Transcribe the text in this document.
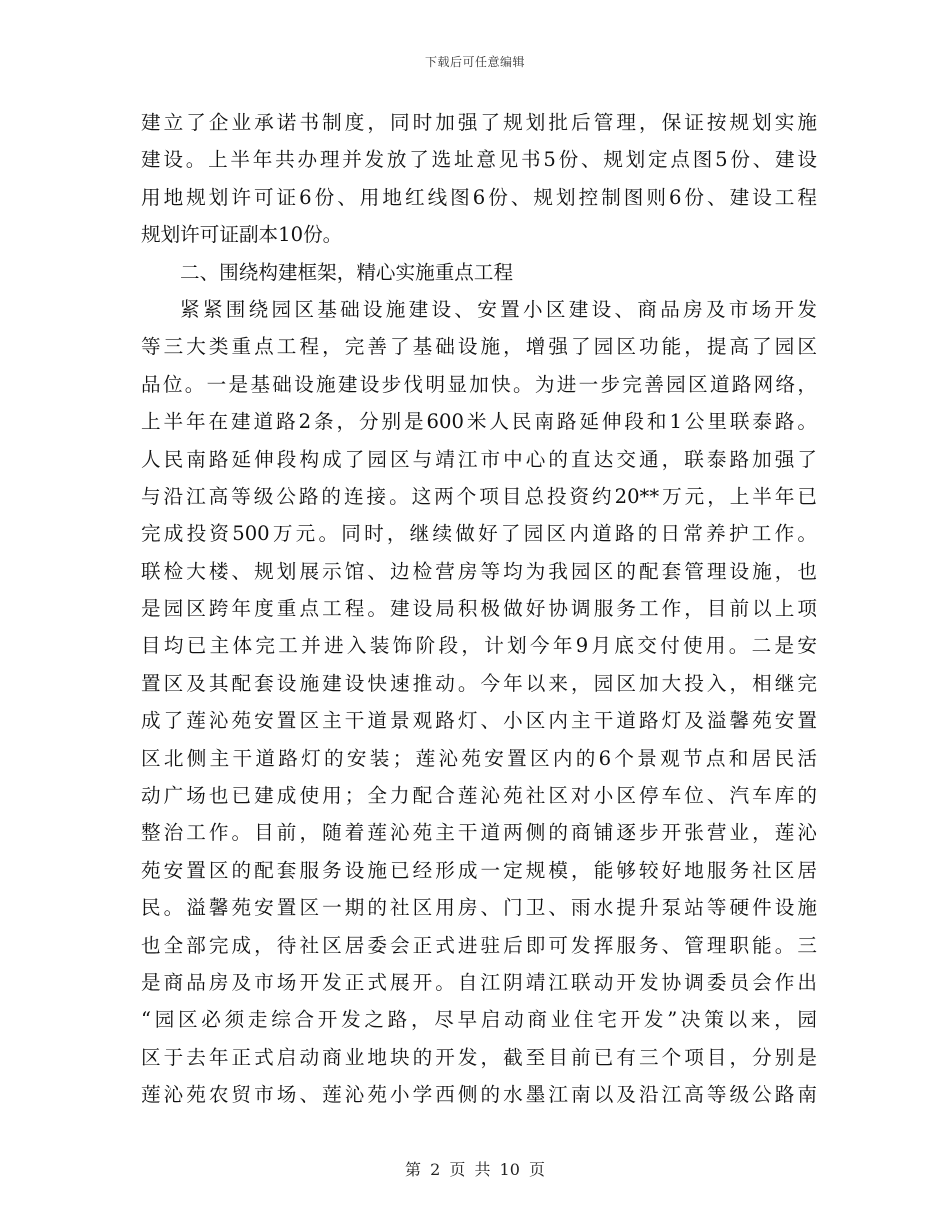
下载后可任意编辑
建立了企业承诺书制度，同时加强了规划批后管理，保证按规划实施
建设。上半年共办理并发放了选址意见书5份、规划定点图5份、建设
用地规划许可证6份、用地红线图6份、规划控制图则6份、建设工程
规划许可证副本10份。
二、围绕构建框架，精心实施重点工程
紧紧围绕园区基础设施建设、安置小区建设、商品房及市场开发
等三大类重点工程，完善了基础设施，增强了园区功能，提高了园区
品位。一是基础设施建设步伐明显加快。为进一步完善园区道路网络，
上半年在建道路2条，分别是600米人民南路延伸段和1公里联泰路。
人民南路延伸段构成了园区与靖江市中心的直达交通，联泰路加强了
与沿江高等级公路的连接。这两个项目总投资约20**万元，上半年已
完成投资500万元。同时，继续做好了园区内道路的日常养护工作。
联检大楼、规划展示馆、边检营房等均为我园区的配套管理设施，也
是园区跨年度重点工程。建设局积极做好协调服务工作，目前以上项
目均已主体完工并进入装饰阶段，计划今年9月底交付使用。二是安
置区及其配套设施建设快速推动。今年以来，园区加大投入，相继完
成了莲沁苑安置区主干道景观路灯、小区内主干道路灯及溢馨苑安置
区北侧主干道路灯的安装；莲沁苑安置区内的6个景观节点和居民活
动广场也已建成使用；全力配合莲沁苑社区对小区停车位、汽车库的
整治工作。目前，随着莲沁苑主干道两侧的商铺逐步开张营业，莲沁
苑安置区的配套服务设施已经形成一定规模，能够较好地服务社区居
民。溢馨苑安置区一期的社区用房、门卫、雨水提升泵站等硬件设施
也全部完成，待社区居委会正式进驻后即可发挥服务、管理职能。三
是商品房及市场开发正式展开。自江阴靖江联动开发协调委员会作出
“园区必须走综合开发之路，尽早启动商业住宅开发”决策以来，园
区于去年正式启动商业地块的开发，截至目前已有三个项目，分别是
莲沁苑农贸市场、莲沁苑小学西侧的水墨江南以及沿江高等级公路南
第 2 页 共 10 页
